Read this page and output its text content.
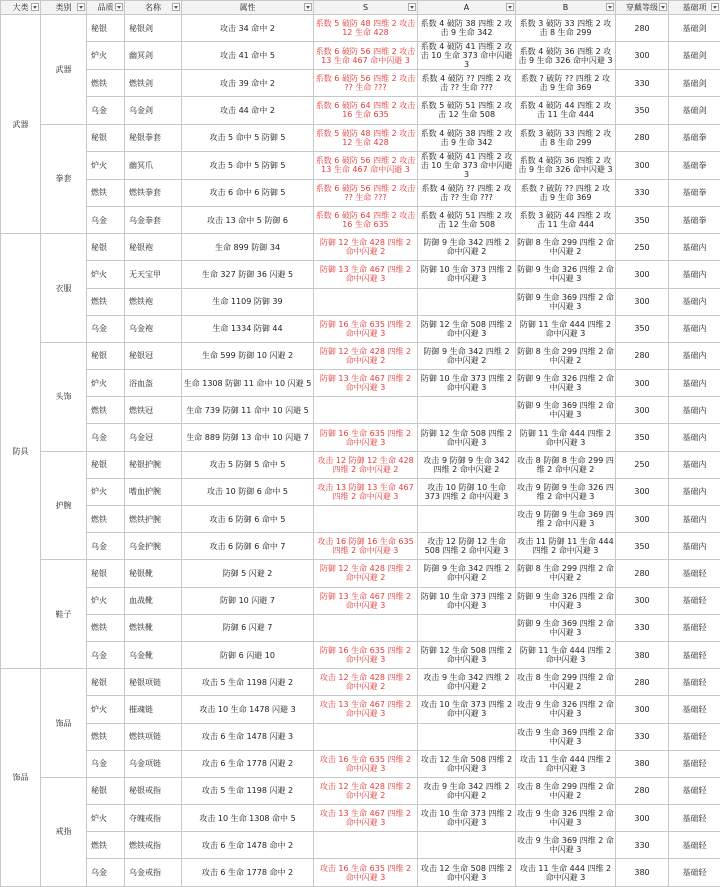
大类	类别	品质	名称	属性	S	A	B	穿戴等级	基础项

武器	武器	秘银	秘银剑	攻击 34 命中 2	系数 5 破防 48 四维 2 攻击 12 生命 428	系数 4 破防 38 四维 2 攻击 9 生命 342	系数 3 破防 33 四维 2 攻击 8 生命 299	280	基础剑
		炉火	幽冥剑	攻击 41 命中 5	系数 6 破防 56 四维 2 攻击 13 生命 467 命中闪避 3	系数 4 破防 41 四维 2 攻击 10 生命 373 命中闪避 3	系数 4 破防 36 四维 2 攻击 9 生命 326 命中闪避 3	300	基础剑
		燃铁	燃铁剑	攻击 39 命中 2	系数 6 破防 56 四维 2 攻击 ?? 生命 ???	系数 4 破防 ?? 四维 2 攻击 ?? 生命 ???	系数 ? 破防 ?? 四维 2 攻击 9 生命 369	330	基础剑
		乌金	乌金剑	攻击 44 命中 2	系数 6 破防 64 四维 2 攻击 16 生命 635	系数 5 破防 51 四维 2 攻击 12 生命 508	系数 4 破防 44 四维 2 攻击 11 生命 444	350	基础剑
	拳套	秘银	秘银拳套	攻击 5 命中 5 防御 5	系数 5 破防 48 四维 2 攻击 12 生命 428	系数 4 破防 38 四维 2 攻击 9 生命 342	系数 3 破防 33 四维 2 攻击 8 生命 299	280	基础拳
		炉火	幽冥爪	攻击 5 命中 5 防御 5	系数 6 破防 56 四维 2 攻击 13 生命 467 命中闪避 3	系数 4 破防 41 四维 2 攻击 10 生命 373 命中闪避 3	系数 4 破防 36 四维 2 攻击 9 生命 326 命中闪避 3	300	基础拳
		燃铁	燃铁拳套	攻击 6 命中 6 防御 5	系数 6 破防 56 四维 2 攻击 ?? 生命 ???	系数 4 破防 ?? 四维 2 攻击 ?? 生命 ???	系数 ? 破防 ?? 四维 2 攻击 9 生命 369	330	基础拳
		乌金	乌金拳套	攻击 13 命中 5 防御 6	系数 6 破防 64 四维 2 攻击 16 生命 635	系数 4 破防 51 四维 2 攻击 12 生命 508	系数 3 破防 44 四维 2 攻击 11 生命 444	350	基础拳
防具	衣服	秘银	秘银袍	生命 899 防御 34	防御 12 生命 428 四维 2 命中闪避 2	防御 9 生命 342 四维 2 命中闪避 2	防御 8 生命 299 四维 2 命中闪避 2	250	基础内
		炉火	无天宝甲	生命 327 防御 36 闪避 5	防御 13 生命 467 四维 2 命中闪避 3	防御 10 生命 373 四维 2 命中闪避 3	防御 9 生命 326 四维 2 命中闪避 3	300	基础内
		燃铁	燃铁袍	生命 1109 防御 39			防御 9 生命 369 四维 2 命中闪避 3	300	基础内
		乌金	乌金袍	生命 1334 防御 44	防御 16 生命 635 四维 2 命中闪避 3	防御 12 生命 508 四维 2 命中闪避 3	防御 11 生命 444 四维 2 命中闪避 3	350	基础内
	头饰	秘银	秘银冠	生命 599 防御 10 闪避 2	防御 12 生命 428 四维 2 命中闪避 2	防御 9 生命 342 四维 2 命中闪避 2	防御 8 生命 299 四维 2 命中闪避 2	280	基础内
		炉火	浴血盔	生命 1308 防御 11 命中 10 闪避 5	防御 13 生命 467 四维 2 命中闪避 3	防御 10 生命 373 四维 2 命中闪避 3	防御 9 生命 326 四维 2 命中闪避 3	300	基础内
		燃铁	燃铁冠	生命 739 防御 11 命中 10 闪避 5			防御 9 生命 369 四维 2 命中闪避 3	300	基础内
		乌金	乌金冠	生命 889 防御 13 命中 10 闪避 7	防御 16 生命 635 四维 2 命中闪避 3	防御 12 生命 508 四维 2 命中闪避 3	防御 11 生命 444 四维 2 命中闪避 3	350	基础内
	护腕	秘银	秘银护腕	攻击 5 防御 5 命中 5	攻击 12 防御 12 生命 428 四维 2 命中闪避 2	攻击 9 防御 9 生命 342 四维 2 命中闪避 2	攻击 8 防御 8 生命 299 四维 2 命中闪避 2	250	基础内
		炉火	嗜血护腕	攻击 10 防御 6 命中 5	攻击 13 防御 13 生命 467 四维 2 命中闪避 3	攻击 10 防御 10 生命 373 四维 2 命中闪避 3	攻击 9 防御 9 生命 326 四维 2 命中闪避 3	300	基础内
		燃铁	燃铁护腕	攻击 6 防御 6 命中 5			攻击 9 防御 9 生命 369 四维 2 命中闪避 3	300	基础内
		乌金	乌金护腕	攻击 6 防御 6 命中 7	攻击 16 防御 16 生命 635 四维 2 命中闪避 3	攻击 12 防御 12 生命 508 四维 2 命中闪避 3	攻击 11 防御 11 生命 444 四维 2 命中闪避 3	350	基础内
	鞋子	秘银	秘银靴	防御 5 闪避 2	防御 12 生命 428 四维 2 命中闪避 2	防御 9 生命 342 四维 2 命中闪避 2	防御 8 生命 299 四维 2 命中闪避 2	280	基础轻
		炉火	血战靴	防御 10 闪避 7	防御 13 生命 467 四维 2 命中闪避 3	防御 10 生命 373 四维 2 命中闪避 3	防御 9 生命 326 四维 2 命中闪避 3	300	基础轻
		燃铁	燃铁靴	防御 6 闪避 7			防御 9 生命 369 四维 2 命中闪避 3	330	基础轻
		乌金	乌金靴	防御 6 闪避 10	防御 16 生命 635 四维 2 命中闪避 3	防御 12 生命 508 四维 2 命中闪避 3	防御 11 生命 444 四维 2 命中闪避 3	380	基础轻
饰品	饰品	秘银	秘银项链	攻击 5 生命 1198 闪避 2	攻击 12 生命 428 四维 2 命中闪避 2	攻击 9 生命 342 四维 2 命中闪避 2	攻击 8 生命 299 四维 2 命中闪避 2	280	基础轻
		炉火	摧魂链	攻击 10 生命 1478 闪避 3	攻击 13 生命 467 四维 2 命中闪避 3	攻击 10 生命 373 四维 2 命中闪避 3	攻击 9 生命 326 四维 2 命中闪避 3	300	基础轻
		燃铁	燃铁项链	攻击 6 生命 1478 闪避 3			攻击 9 生命 369 四维 2 命中闪避 3	330	基础轻
		乌金	乌金项链	攻击 6 生命 1778 闪避 2	攻击 16 生命 635 四维 2 命中闪避 3	攻击 12 生命 508 四维 2 命中闪避 3	攻击 11 生命 444 四维 2 命中闪避 3	380	基础轻
	戒指	秘银	秘银戒指	攻击 5 生命 1198 闪避 2	攻击 12 生命 428 四维 2 命中闪避 2	攻击 9 生命 342 四维 2 命中闪避 2	攻击 8 生命 299 四维 2 命中闪避 2	280	基础轻
		炉火	夺魄戒指	攻击 10 生命 1308 命中 5	攻击 13 生命 467 四维 2 命中闪避 3	攻击 10 生命 373 四维 2 命中闪避 3	攻击 9 生命 326 四维 2 命中闪避 3	300	基础轻
		燃铁	燃铁戒指	攻击 6 生命 1478 命中 2			攻击 9 生命 369 四维 2 命中闪避 3	330	基础轻
		乌金	乌金戒指	攻击 6 生命 1778 命中 2	攻击 16 生命 635 四维 2 命中闪避 3	攻击 12 生命 508 四维 2 命中闪避 3	攻击 11 生命 444 四维 2 命中闪避 3	380	基础轻
